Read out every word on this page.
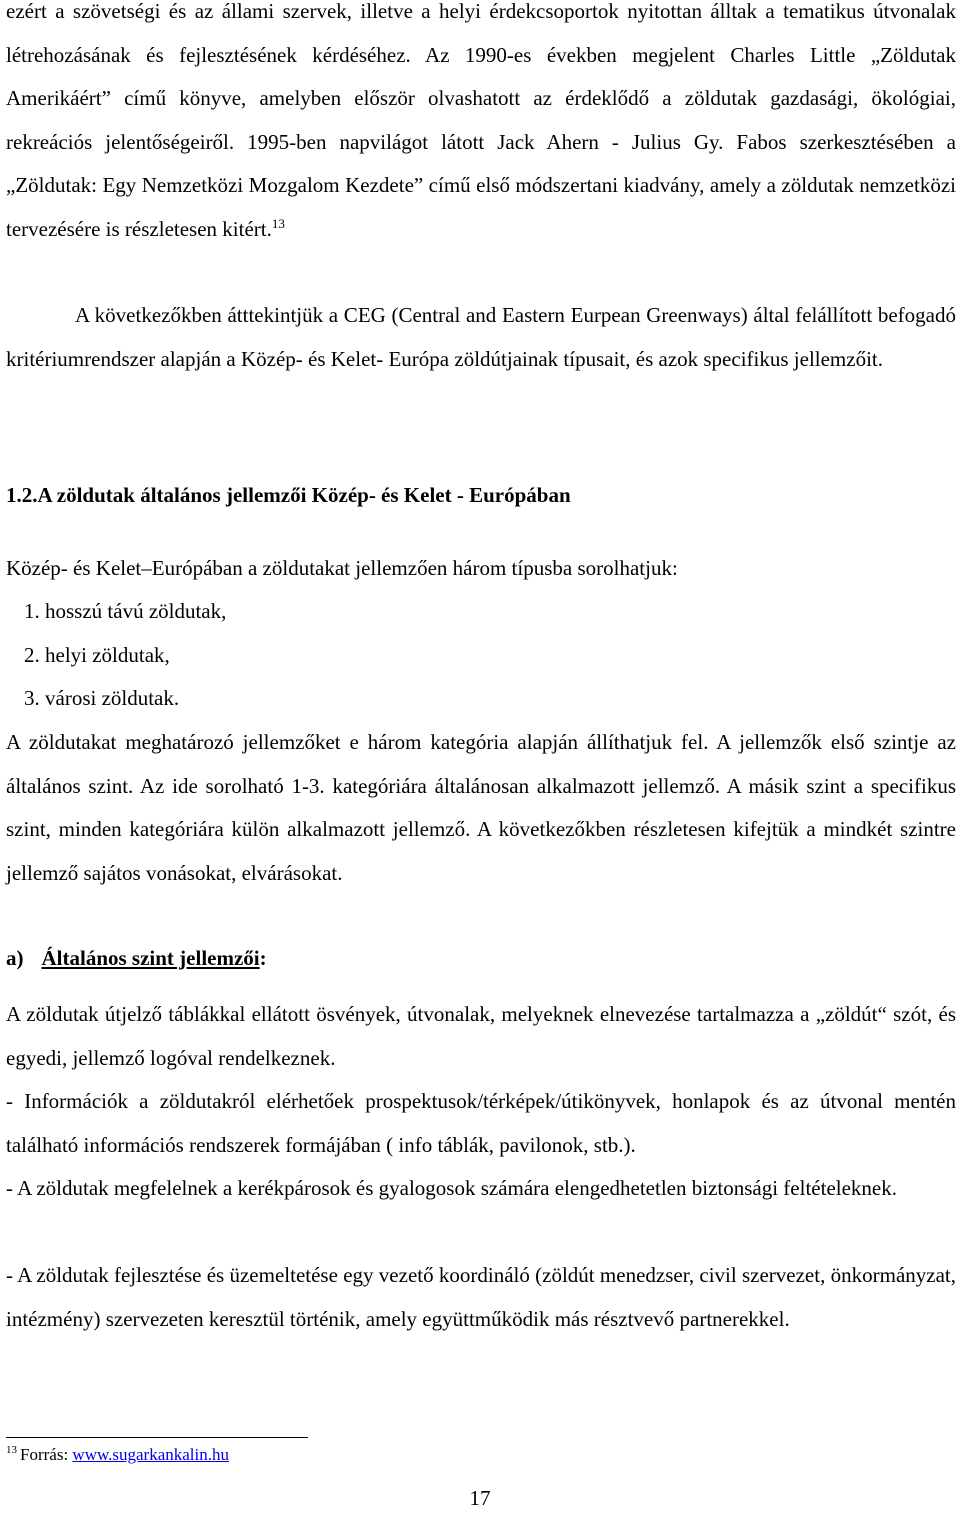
ezért a szövetségi és az állami szervek, illetve a helyi érdekcsoportok nyitottan álltak a tematikus útvonalak létrehozásának és fejlesztésének kérdéséhez. Az 1990-es években megjelent Charles Little „Zöldutak Amerikáért” című könyve, amelyben először olvashatott az érdeklődő a zöldutak gazdasági, ökológiai, rekreációs jelentőségeiről. 1995-ben napvilágot látott Jack Ahern - Julius Gy. Fabos szerkesztésében a „Zöldutak: Egy Nemzetközi Mozgalom Kezdete” című első módszertani kiadvány, amely a zöldutak nemzetközi tervezésére is részletesen kitért.$^{13}$
A következőkben átttekintjük a CEG (Central and Eastern Eurpean Greenways) által felállított befogadó kritériumrendszer alapján a Közép- és Kelet- Európa zöldútjainak típusait, és azok specifikus jellemzőit.
1.2.A zöldutak általános jellemzői Közép- és Kelet - Európában
Közép- és Kelet–Európában a zöldutakat jellemzően három típusba sorolhatjuk:
1. hosszú távú zöldutak,
2. helyi zöldutak,
3. városi zöldutak.
A zöldutakat meghatározó jellemzőket e három kategória alapján állíthatjuk fel. A jellemzők első szintje az általános szint. Az ide sorolható 1-3. kategóriára általánosan alkalmazott jellemző. A másik szint a specifikus szint, minden kategóriára külön alkalmazott jellemző. A következőkben részletesen kifejtük a mindkét szintre jellemző sajátos vonásokat, elvárásokat.
a) Általános szint jellemzői:
A zöldutak útjelző táblákkal ellátott ösvények, útvonalak, melyeknek elnevezése tartalmazza a „zöldút“ szót, és egyedi, jellemző logóval rendelkeznek.
- Információk a zöldutakról elérhetőek prospektusok/térképek/útikönyvek, honlapok és az útvonal mentén található információs rendszerek formájában ( info táblák, pavilonok, stb.).
- A zöldutak megfelelnek a kerékpárosok és gyalogosok számára elengedhetetlen biztonsági feltételeknek.
- A zöldutak fejlesztése és üzemeltetése egy vezető koordináló (zöldút menedzser, civil szervezet, önkormányzat, intézmény) szervezeten keresztül történik, amely együttműködik más résztvevő partnerekkel.
$^{13}$ Forrás: www.sugarkankalin.hu
17
